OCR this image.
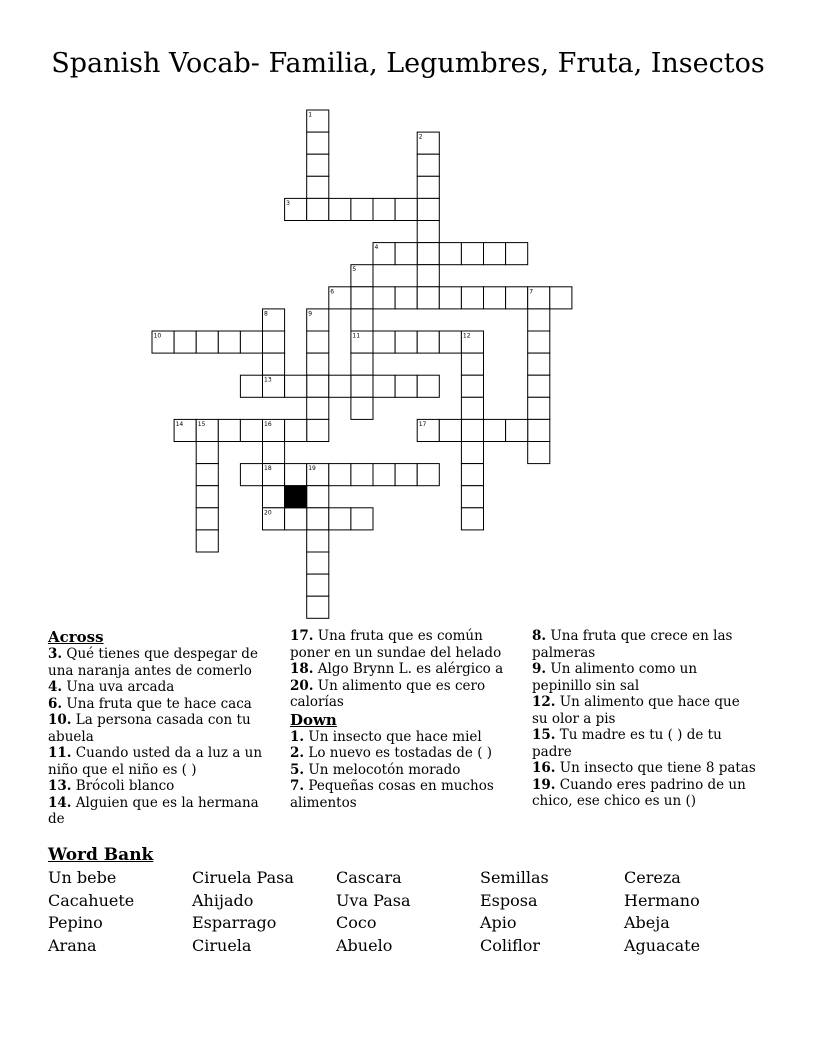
Spanish Vocab- Familia, Legumbres, Fruta, Insectos
1
2
3
4
5
6	7
8	9
10	11	12
13
14 15	16	17
18	19
20
Across
3. Qué tienes que despegar de una naranja antes de comerlo
4. Una uva arcada
6. Una fruta que te hace caca
10. La persona casada con tu abuela
11. Cuando usted da a luz a un niño que el niño es ( )
13. Brócoli blanco
14. Alguien que es la hermana de
17. Una fruta que es común poner en un sundae del helado
18. Algo Brynn L. es alérgico a
20. Un alimento que es cero calorías
Down
1. Un insecto que hace miel
2. Lo nuevo es tostadas de ( )
5. Un melocotón morado
7. Pequeñas cosas en muchos alimentos
8. Una fruta que crece en las palmeras
9. Un alimento como un pepinillo sin sal
12. Un alimento que hace que su olor a pis
15. Tu madre es tu ( ) de tu padre
16. Un insecto que tiene 8 patas
19. Cuando eres padrino de un chico, ese chico es un ()
Word Bank
Un bebe	Ciruela Pasa	Cascara	Semillas	Cereza
Cacahuete	Ahijado	Uva Pasa	Esposa	Hermano
Pepino	Esparrago	Coco	Apio	Abeja
Arana	Ciruela	Abuelo	Coliflor	Aguacate
